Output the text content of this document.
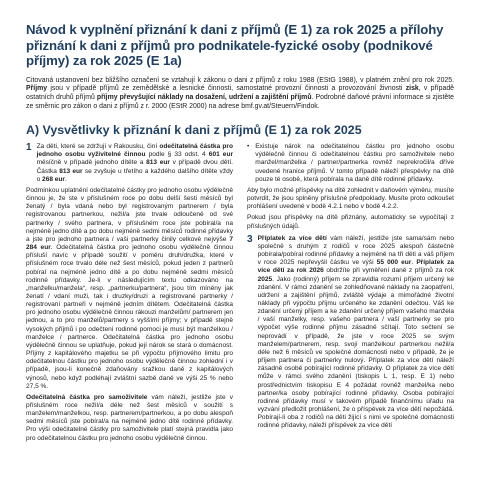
Návod k vyplnění přiznání k dani z příjmů (E 1) za rok 2025 a přílohy přiznání k dani z příjmů pro podnikatele-fyzické osoby (podnikové příjmy) za rok 2025 (E 1a)

Citovaná ustanovení bez bližšího označení se vztahují k zákonu o dani z příjmů z roku 1988 (EStG 1988), v platném znění pro rok 2025. Příjmy jsou v případě příjmů ze zemědělské a lesnické činnosti, samostatné provozní činnosti a provozování živnosti zisk, v případě ostatních druhů příjmů příjmy převyšující náklady na dosažení, udržení a zajištění příjmů. Podrobné daňové právní informace si zjistěte ze směrnic pro zákon o dani z příjmů z r. 2000 (EStR 2000) na adrese bmf.gv.at/Steuern/Findok.

A) Vysvětlivky k přiznání k dani z příjmů (E 1) za rok 2025
1 Za děti, které se zdržují v Rakousku, činí odečitatelná částka pro jednoho osobu vyživitelné činnou podle § 33 odst. 4 601 eur měsíčně v případě jednoho dítěte a 813 eur v případě dvou dětí. Částka 813 eur se zvyšuje u třetího a každého dalšího dítěte vždy o 268 eur.

Podmínkou uplatnění odečitatelné částky pro jednoho osobu výdělečně činnou je, že ste v příslušném roce po dobu delší šesti měsíců byl ženatý / byla vdaná nebo byl registrovaným partnerem / byla registrovanou partnerkou, nežil/a jste trvale odloučeně od své partnerky / svého partnera, v příslušném roce jste pobíral/a na nejméně jedno dítě a po dobu nejméně sedmi měsíců rodinné přídavky a jste pro jednoho partnera / vaši partnerky činily celkové nejvýše 7 284 eur. Odečitatelná částka pro jednoho osobu výdělečně činnou přísluší navíc v případě soužití v poměru druh/družka, které v příslušném roce trvalo déle než šest měsíců, pokud jeden z partnerů pobíral na nejméně jedno dítě a po dobu nejméně sedmi měsíců rodinné přídavky. Je-li v následujícím textu odkazováno na „manželku/manžela“, resp. „partnerku/partnera“, jsou tím míněny jak ženatí / vdaní muži, tak i druzky/druzi a registrované partnerky / registrovaní partneři v nejméně jedním dítětem. Odečitatelná částka pro jednoho osobu výdělečně činnou rákouzi manželům/ partnerem jen jednou, a to pro manželů/partnery s vyššími příjmy; v případě stejně vysokých příjmů i po odečtení rodinné pomoci je musí být manželkou / manželce / partnerce. Odečitatelná částka pro jednoho osobu výdělečně činnou se uplatňuje, pokud její nárok se stará o domácnost. Příjmy z kapitálového majetku se při výpočtu příjmového limitu pro odečitatelnou částku pro jednoho osobu výdělečně činnou zohlední i v případě, jsou-li konečně zdaňovány sražkou daně z kapitálových výnosů, nebo když podléhají zvláštní sazbě daně ve výši 25 % nebo 27,5 %.

Odečitatelná částka pro samoživitele vám náleží, jestliže jste v příslušném roce nežil/a déle než šest měsíců v soužití s manželem/manželkou, resp. partnerem/partnerkou, a po dobu alespoň sedmi měsíců jste pobíral/a na nejméně jedno dítě rodinné přídavky. Pro výši odečitatelné částky pro samoživitele platí stejná pravidla jako pro odečitatelnou částku pro jednoho osobu výdělečně činnou.

• Existuje nárok na odečitatelnou částku pro jednoho osobu výdělečně činnou či odečitatelnou částku pro samoživitele nebo manžel/manželka / partner/partnerka rovněž neprekročil/a dříve uvedené hranice příjmů. V tomto případě náleží přespěvky na dítě pouze té osobě, která pobírala na daně dítě rodinné přídavky.

Aby bylo možné příspěvky na dítě zohlednit v daňovém výměru, musíte potvrdit, že jsou splněny příslušné předpoklady. Musíte proto odkoušet prohlášení uvedené v bodě 4.2.1 nebo v bodě 4.2.2.

Pokud jsou příspěvky na dítě přiznány, automaticky se vypočítají z příslušných údajů.

3 Příplatek za více dětí vám náleží, jestliže jste sama/sám nebo společně s druhým z rodičů v roce 2025 alespoň částečně pobírala/pobíral rodinné přídavky a nejméně na tři děti a váš příjem v roce 2025 nepřevyšil částku ve výši 55 000 eur. Příplatek za více dětí za rok 2026 obdržíte při vyměření daně z příjmů za rok 2025. Jako (rodinný) příjem se zpravidla rozumí příjem určený ke zdanění. V rámci zdanění se zohledňované náklady na zaopatření, udržení a zajištění příjmů, zvláště výdaje a mimořádné životní náklady při výpočtu příjmu určeného ke zdanění odečtou. Váš ke zdanění určený příjem a ke zdanění určený příjem vašeho manžela / vaší manželky, resp. vašeho partnera / vaší partnerky se pro výpočet výše rodinné příjmu zásadně sčítají. Toto sečtení se neprovádí v případě, že jste v roce 2025 se svým manželem/partnerem, resp. svojí manželkou/ partnerkou nežil/a déle než 6 měsíců ve společné domácnosti nebo v případě, že je příjem partnera či partnerky nulový. Příplatek za více dětí náleží zásadně osobě pobírající rodinné přídavky. O příplatek za více dětí může v rámci svého zdanění (tiskopis L 1, resp. E 1) nebo prostřednictvím tiskopisu E 4 požádat rovněž manžel/ka nebo partner/ka osoby pobírající rodinné přídavky. Osoba pobírající rodinné přídavky musí v takovém případě finančnímu úřadu na vyzvání předložit prohlášení, že o příspěvek za více dětí nepožádá. Pobírají-li oba z rodičů na děti žijící s nimi ve společné domácnosti rodinné přídavky, náleží příspěvek za více dětí
